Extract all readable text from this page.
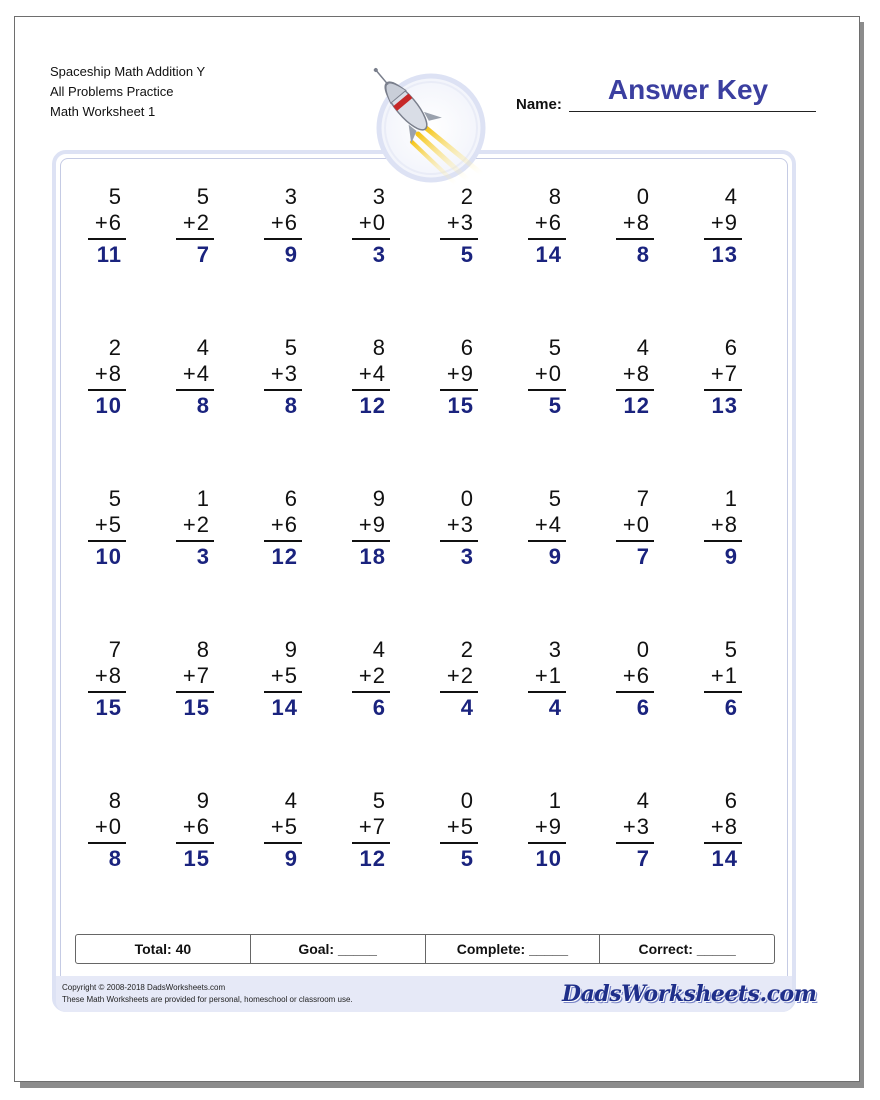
Spaceship Math Addition Y
All Problems Practice
Math Worksheet 1	Name:	Answer Key
5
+6
11
5
+2
7
3
+6
9
3
+0
3
2
+3
5
8
+6
14
0
+8
8
4
+9
13
2
+8
10
4
+4
8
5
+3
8
8
+4
12
6
+9
15
5
+0
5
4
+8
12
6
+7
13
5
+5
10
1
+2
3
6
+6
12
9
+9
18
0
+3
3
5
+4
9
7
+0
7
1
+8
9
7
+8
15
8
+7
15
9
+5
14
4
+2
6
2
+2
4
3
+1
4
0
+6
6
5
+1
6
8
+0
8
9
+6
15
4
+5
9
5
+7
12
0
+5
5
1
+9
10
4
+3
7
6
+8
14
Total: 40	Goal: _____	Complete: _____	Correct: _____
Copyright © 2008-2018 DadsWorksheets.com
These Math Worksheets are provided for personal, homeschool or classroom use.	DadsWorksheets.com
